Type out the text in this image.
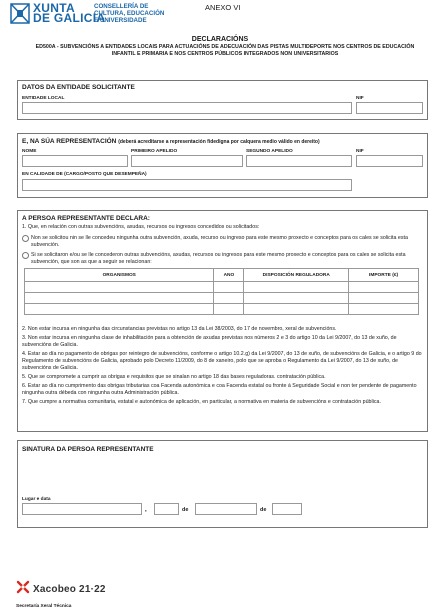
XUNTA
DE GALICIA
CONSELLERÍA DE
CULTURA, EDUCACIÓN
E UNIVERSIDADE
ANEXO VI
DECLARACIÓNS
ED500A - SUBVENCIÓNS A ENTIDADES LOCAIS PARA ACTUACIÓNS DE ADECUACIÓN DAS PISTAS MULTIDEPORTE NOS CENTROS DE EDUCACIÓN INFANTIL E PRIMARIA E NOS CENTROS PÚBLICOS INTEGRADOS NON UNIVERSITARIOS
DATOS DA ENTIDADE SOLICITANTE
ENTIDADE LOCAL	NIF
E, NA SÚA REPRESENTACIÓN (deberá acreditarse a representación fidedigna por calquera medio válido en dereito)
NOME	PRIMEIRO APELIDO	SEGUNDO APELIDO	NIF
EN CALIDADE DE (CARGO/POSTO QUE DESEMPEÑA)
A PERSOA REPRESENTANTE DECLARA:
1. Que, en relación con outras subvencións, axudas, recursos ou ingresos concedidos ou solicitados:
Non se solicitou nin se lle concedeu ningunha outra subvención, axuda, recurso ou ingreso para este mesmo proxecto e conceptos para os cales se solicita esta subvención.
Si se solicitaron e/ou se lle concederon outras subvencións, axudas, recursos ou ingresos para este mesmo proxecto e conceptos para os cales se solicita esta subvención, que son as que a seguir se relacionan:
ORGANISMOS	ANO	DISPOSICIÓN REGULADORA	IMPORTE (€)

2. Non estar incursa en ningunha das circunstancias previstas no artigo 13 da Lei 38/2003, do 17 de novembro, xeral de subvencións.
3. Non estar incursa en ningunha clase de inhabilitación para a obtención de axudas previstas nos números 2 e 3 do artigo 10 da Lei 9/2007, do 13 de xuño, de subvencións de Galicia.
4. Estar ao día no pagamento de obrigas por reintegro de subvencións, conforme o artigo 10.2.g) da Lei 9/2007, do 13 de xuño, de subvencións de Galicia, e o artigo 9 do Regulamento de subvencións de Galicia, aprobado polo Decreto 11/2009, do 8 de xaneiro, polo que se aproba o Regulamento da Lei 9/2007, do 13 de xuño, de subvencións de Galicia.
5. Que se compromete a cumprir as obrigas e requisitos que se sinalan no artigo 18 das bases reguladoras. contratación pública.
6. Estar ao día no cumprimento das obrigas tributarias coa Facenda autonómica e coa Facenda estatal ou fronte á Seguridade Social e non ter pendente de pagamento ningunha outra débeda con ningunha outra Administración pública.
7. Que cumpre a normativa comunitaria, estatal e autonómica de aplicación, en particular, a normativa en materia de subvencións e contratación pública.
SINATURA DA PERSOA REPRESENTANTE
Lugar e data
,	de	de
Xacobeo 21·22
Secretaría Xeral Técnica
